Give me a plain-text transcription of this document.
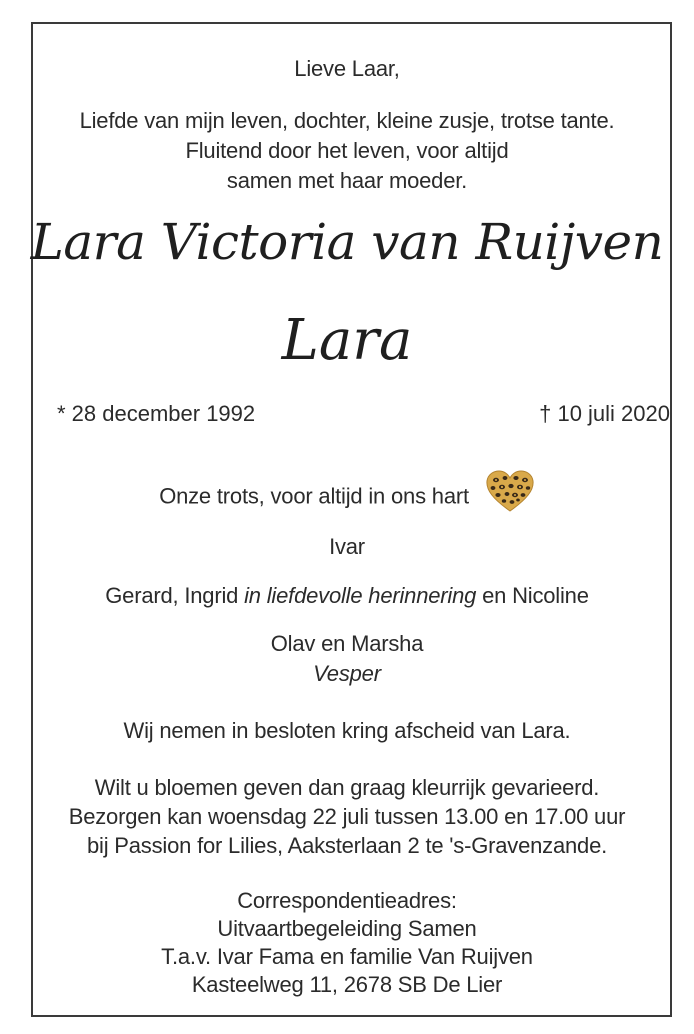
Lieve Laar,
Liefde van mijn leven, dochter, kleine zusje, trotse tante.
Fluitend door het leven, voor altijd
samen met haar moeder.
Lara Victoria van Ruijven
Lara
* 28 december 1992	† 10 juli 2020
Onze trots, voor altijd in ons hart
Ivar
Gerard, Ingrid in liefdevolle herinnering en Nicoline
Olav en Marsha
Vesper
Wij nemen in besloten kring afscheid van Lara.
Wilt u bloemen geven dan graag kleurrijk gevarieerd.
Bezorgen kan woensdag 22 juli tussen 13.00 en 17.00 uur
bij Passion for Lilies, Aaksterlaan 2 te 's-Gravenzande.
Correspondentieadres:
Uitvaartbegeleiding Samen
T.a.v. Ivar Fama en familie Van Ruijven
Kasteelweg 11, 2678 SB De Lier
